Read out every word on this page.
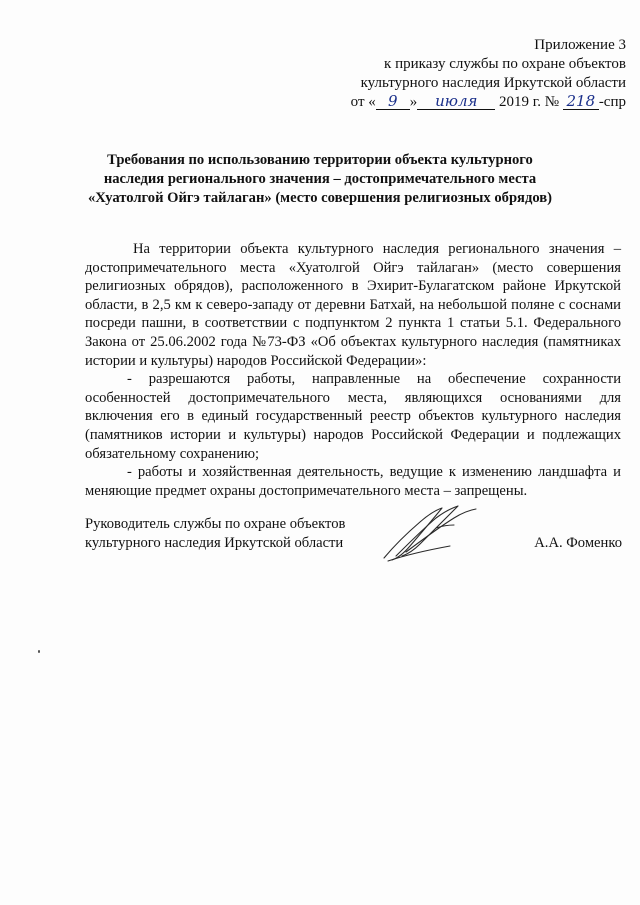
Приложение 3
к приказу службы по охране объектов
культурного наследия Иркутской области
от « 9 » июля 2019 г. № 218 -спр
Требования по использованию территории объекта культурного наследия регионального значения – достопримечательного места «Хуатолгой Ойгэ тайлаган» (место совершения религиозных обрядов)

На территории объекта культурного наследия регионального значения – достопримечательного места «Хуатолгой Ойгэ тайлаган» (место совершения религиозных обрядов), расположенного в Эхирит-Булагатском районе Иркутской области, в 2,5 км к северо-западу от деревни Батхай, на небольшой поляне с соснами посреди пашни, в соответствии с подпунктом 2 пункта 1 статьи 5.1. Федерального Закона от 25.06.2002 года №73-ФЗ «Об объектах культурного наследия (памятниках истории и культуры) народов Российской Федерации»:

- разрешаются работы, направленные на обеспечение сохранности особенностей достопримечательного места, являющихся основаниями для включения его в единый государственный реестр объектов культурного наследия (памятников истории и культуры) народов Российской Федерации и подлежащих обязательному сохранению;

- работы и хозяйственная деятельность, ведущие к изменению ландшафта и меняющие предмет охраны достопримечательного места – запрещены.

Руководитель службы по охране объектов
культурного наследия Иркутской области	А.А. Фоменко
